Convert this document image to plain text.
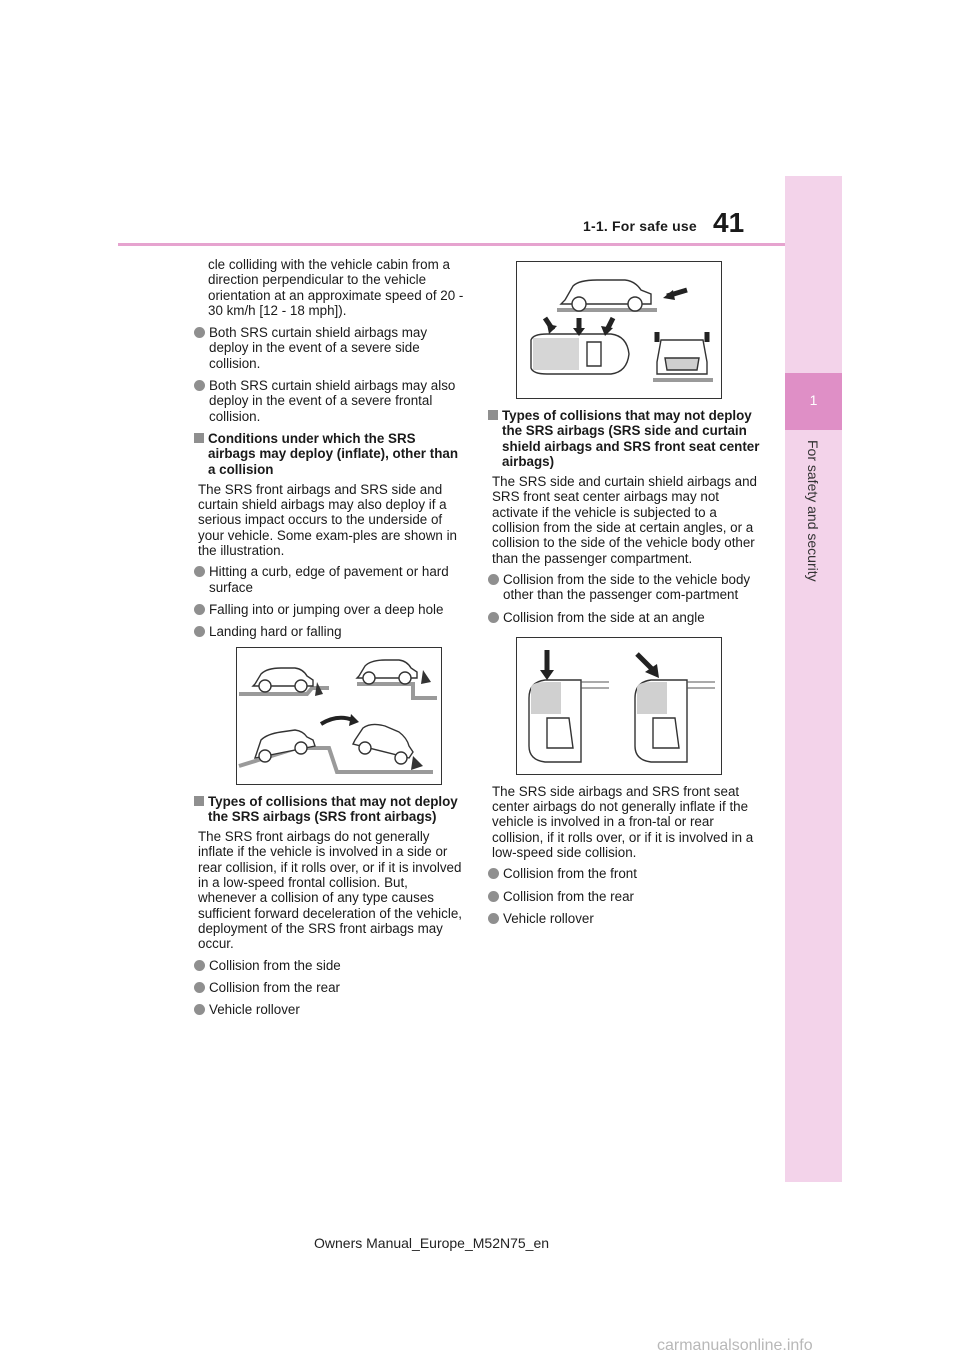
1-1. For safe use 41
1
For safety and security

cle colliding with the vehicle cabin from a direction perpendicular to the vehicle orientation at an approximate speed of 20 - 30 km/h [12 - 18 mph]).

Both SRS curtain shield airbags may deploy in the event of a severe side collision.
Both SRS curtain shield airbags may also deploy in the event of a severe frontal collision.
Conditions under which the SRS airbags may deploy (inflate), other than a collision

The SRS front airbags and SRS side and curtain shield airbags may also deploy if a serious impact occurs to the underside of your vehicle. Some exam-ples are shown in the illustration.

Hitting a curb, edge of pavement or hard surface
Falling into or jumping over a deep hole
Landing hard or falling
Types of collisions that may not deploy the SRS airbags (SRS front airbags)

The SRS front airbags do not generally inflate if the vehicle is involved in a side or rear collision, if it rolls over, or if it is involved in a low-speed frontal collision. But, whenever a collision of any type causes sufficient forward deceleration of the vehicle, deployment of the SRS front airbags may occur.

Collision from the side
Collision from the rear
Vehicle rollover
Types of collisions that may not deploy the SRS airbags (SRS side and curtain shield airbags and SRS front seat center airbags)

The SRS side and curtain shield airbags and SRS front seat center airbags may not activate if the vehicle is subjected to a collision from the side at certain angles, or a collision to the side of the vehicle body other than the passenger compartment.

Collision from the side to the vehicle body other than the passenger com-partment
Collision from the side at an angle

The SRS side airbags and SRS front seat center airbags do not generally inflate if the vehicle is involved in a fron-tal or rear collision, if it rolls over, or if it is involved in a low-speed side collision.

Collision from the front
Collision from the rear
Vehicle rollover
Owners Manual_Europe_M52N75_en
carmanualsonline.info
